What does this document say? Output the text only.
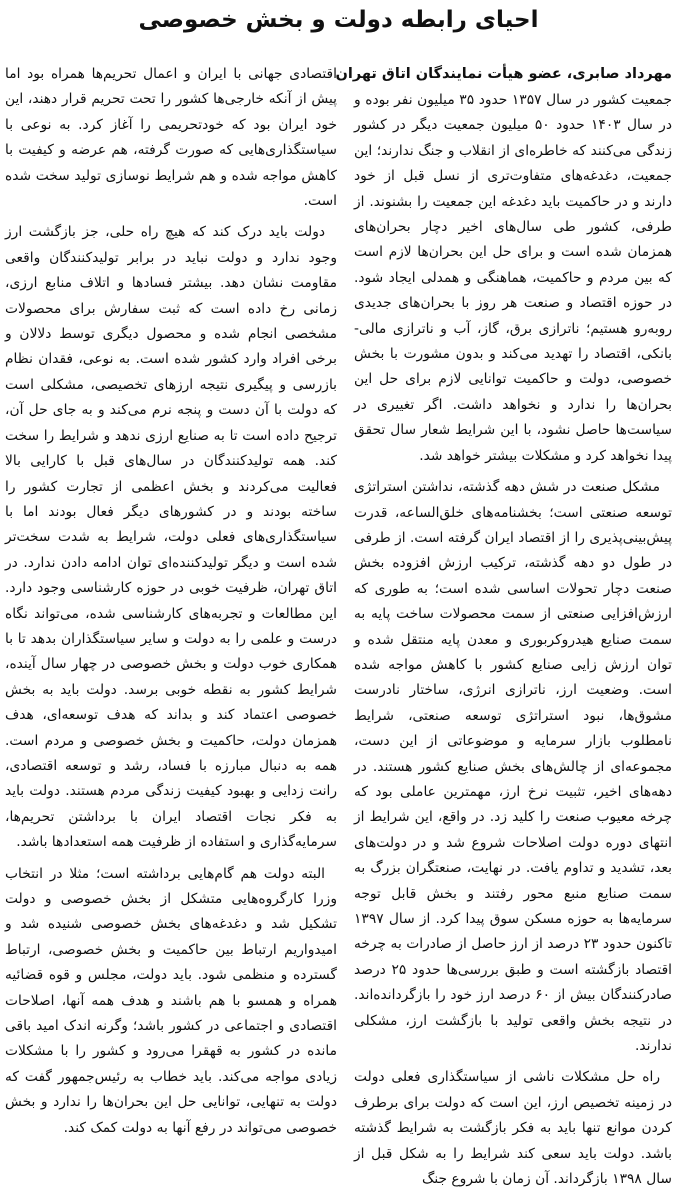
احیای رابطه دولت و بخش خصوصی

مهرداد صابری، عضو هیأت نمایندگان اتاق تهران

جمعیت کشور در سال ۱۳۵۷ حدود ۳۵ میلیون نفر بوده و در سال ۱۴۰۳ حدود ۵۰ میلیون جمعیت دیگر در کشور زندگی می‌کنند که خاطره‌ای از انقلاب و جنگ ندارند؛ این جمعیت، دغدغه‌های متفاوت‌تری از نسل قبل از خود دارند و در حاکمیت باید دغدغه این جمعیت را بشنوند. از طرفی، کشور طی سال‌های اخیر دچار بحران‌های همزمان شده است و برای حل این بحران‌ها لازم است که بین مردم و حاکمیت، هماهنگی و همدلی ایجاد شود. در حوزه اقتصاد و صنعت هر روز با بحران‌های جدیدی روبه‌رو هستیم؛ ناترازی برق، گاز، آب و ناترازی مالی-بانکی، اقتصاد را تهدید می‌کند و بدون مشورت با بخش خصوصی، دولت و حاکمیت توانایی لازم برای حل این بحران‌ها را ندارد و نخواهد داشت. اگر تغییری در سیاست‌ها حاصل نشود، با این شرایط شعار سال تحقق پیدا نخواهد کرد و مشکلات بیشتر خواهد شد.

مشکل صنعت در شش دهه گذشته، نداشتن استراتژی توسعه صنعتی است؛ بخشنامه‌های خلق‌الساعه، قدرت پیش‌بینی‌پذیری را از اقتصاد ایران گرفته است. از طرفی در طول دو دهه گذشته، ترکیب ارزش افزوده بخش صنعت دچار تحولات اساسی شده است؛ به طوری که ارزش‌افزایی صنعتی از سمت محصولات ساخت پایه به سمت صنایع هیدروکربوری و معدن پایه منتقل شده و توان ارزش زایی صنایع کشور با کاهش مواجه شده است. وضعیت ارز، ناترازی انرژی، ساختار نادرست مشوق‌ها، نبود استراتژی توسعه صنعتی، شرایط نامطلوب بازار سرمایه و موضوعاتی از این دست، مجموعه‌ای از چالش‌های بخش صنایع کشور هستند. در دهه‌های اخیر، تثبیت نرخ ارز، مهمترین عاملی بود که چرخه معیوب صنعت را کلید زد. در واقع، این شرایط از انتهای دوره دولت اصلاحات شروع شد و در دولت‌های بعد، تشدید و تداوم یافت. در نهایت، صنعتگران بزرگ به سمت صنایع منبع محور رفتند و بخش قابل توجه سرمایه‌ها به حوزه مسکن سوق پیدا کرد. از سال ۱۳۹۷ تاکنون حدود ۲۳ درصد از ارز حاصل از صادرات به چرخه اقتصاد بازگشته است و طبق بررسی‌ها حدود ۲۵ درصد صادرکنندگان بیش از ۶۰ درصد ارز خود را بازگردانده‌اند. در نتیجه بخش واقعی تولید با بازگشت ارز، مشکلی ندارند.

راه حل مشکلات ناشی از سیاستگذاری فعلی دولت در زمینه تخصیص ارز، این است که دولت برای برطرف کردن موانع تنها باید به فکر بازگشت به شرایط گذشته باشد. دولت باید سعی کند شرایط را به شکل قبل از سال ۱۳۹۸ بازگرداند. آن زمان با شروع جنگ

اقتصادی جهانی با ایران و اعمال تحریم‌ها همراه بود اما پیش از آنکه خارجی‌ها کشور را تحت تحریم قرار دهند، این خود ایران بود که خودتحریمی را آغاز کرد. به نوعی با سیاستگذاری‌هایی که صورت گرفته، هم عرضه و کیفیت با کاهش مواجه شده و هم شرایط نوسازی تولید سخت شده است.

دولت باید درک کند که هیچ راه حلی، جز بازگشت ارز وجود ندارد و دولت نباید در برابر تولیدکنندگان واقعی مقاومت نشان دهد. بیشتر فسادها و اتلاف منابع ارزی، زمانی رخ داده است که ثبت سفارش برای محصولات مشخصی انجام شده و محصول دیگری توسط دلالان و برخی افراد وارد کشور شده است. به نوعی، فقدان نظام بازرسی و پیگیری نتیجه ارزهای تخصیصی، مشکلی است که دولت با آن دست و پنجه نرم می‌کند و به جای حل آن، ترجیح داده است تا به صنایع ارزی ندهد و شرایط را سخت کند. همه تولیدکنندگان در سال‌های قبل با کارایی بالا فعالیت می‌کردند و بخش اعظمی از تجارت کشور را ساخته بودند و در کشورهای دیگر فعال بودند اما با سیاستگذاری‌های فعلی دولت، شرایط به شدت سخت‌تر شده است و دیگر تولیدکننده‌ای توان ادامه دادن ندارد. در اتاق تهران، ظرفیت خوبی در حوزه کارشناسی وجود دارد. این مطالعات و تجربه‌های کارشناسی شده، می‌تواند نگاه درست و علمی را به دولت و سایر سیاستگذاران بدهد تا با همکاری خوب دولت و بخش خصوصی در چهار سال آینده، شرایط کشور به نقطه خوبی برسد. دولت باید به بخش خصوصی اعتماد کند و بداند که هدف توسعه‌ای، هدف همزمان دولت، حاکمیت و بخش خصوصی و مردم است. همه به دنبال مبارزه با فساد، رشد و توسعه اقتصادی، رانت زدایی و بهبود کیفیت زندگی مردم هستند. دولت باید به فکر نجات اقتصاد ایران با برداشتن تحریم‌ها، سرمایه‌گذاری و استفاده از ظرفیت همه استعدادها باشد.

البته دولت هم گام‌هایی برداشته است؛ مثلا در انتخاب وزرا کارگروه‌هایی متشکل از بخش خصوصی و دولت تشکیل شد و دغدغه‌های بخش خصوصی شنیده شد و امیدواریم ارتباط بین حاکمیت و بخش خصوصی، ارتباط گسترده و منظمی شود. باید دولت، مجلس و قوه قضائیه همراه و همسو با هم باشند و هدف همه آنها، اصلاحات اقتصادی و اجتماعی در کشور باشد؛ وگرنه اندک امید باقی مانده در کشور به قهقرا می‌رود و کشور را با مشکلات زیادی مواجه می‌کند. باید خطاب به رئیس‌جمهور گفت که دولت به تنهایی، توانایی حل این بحران‌ها را ندارد و بخش خصوصی می‌تواند در رفع آنها به دولت کمک کند.
